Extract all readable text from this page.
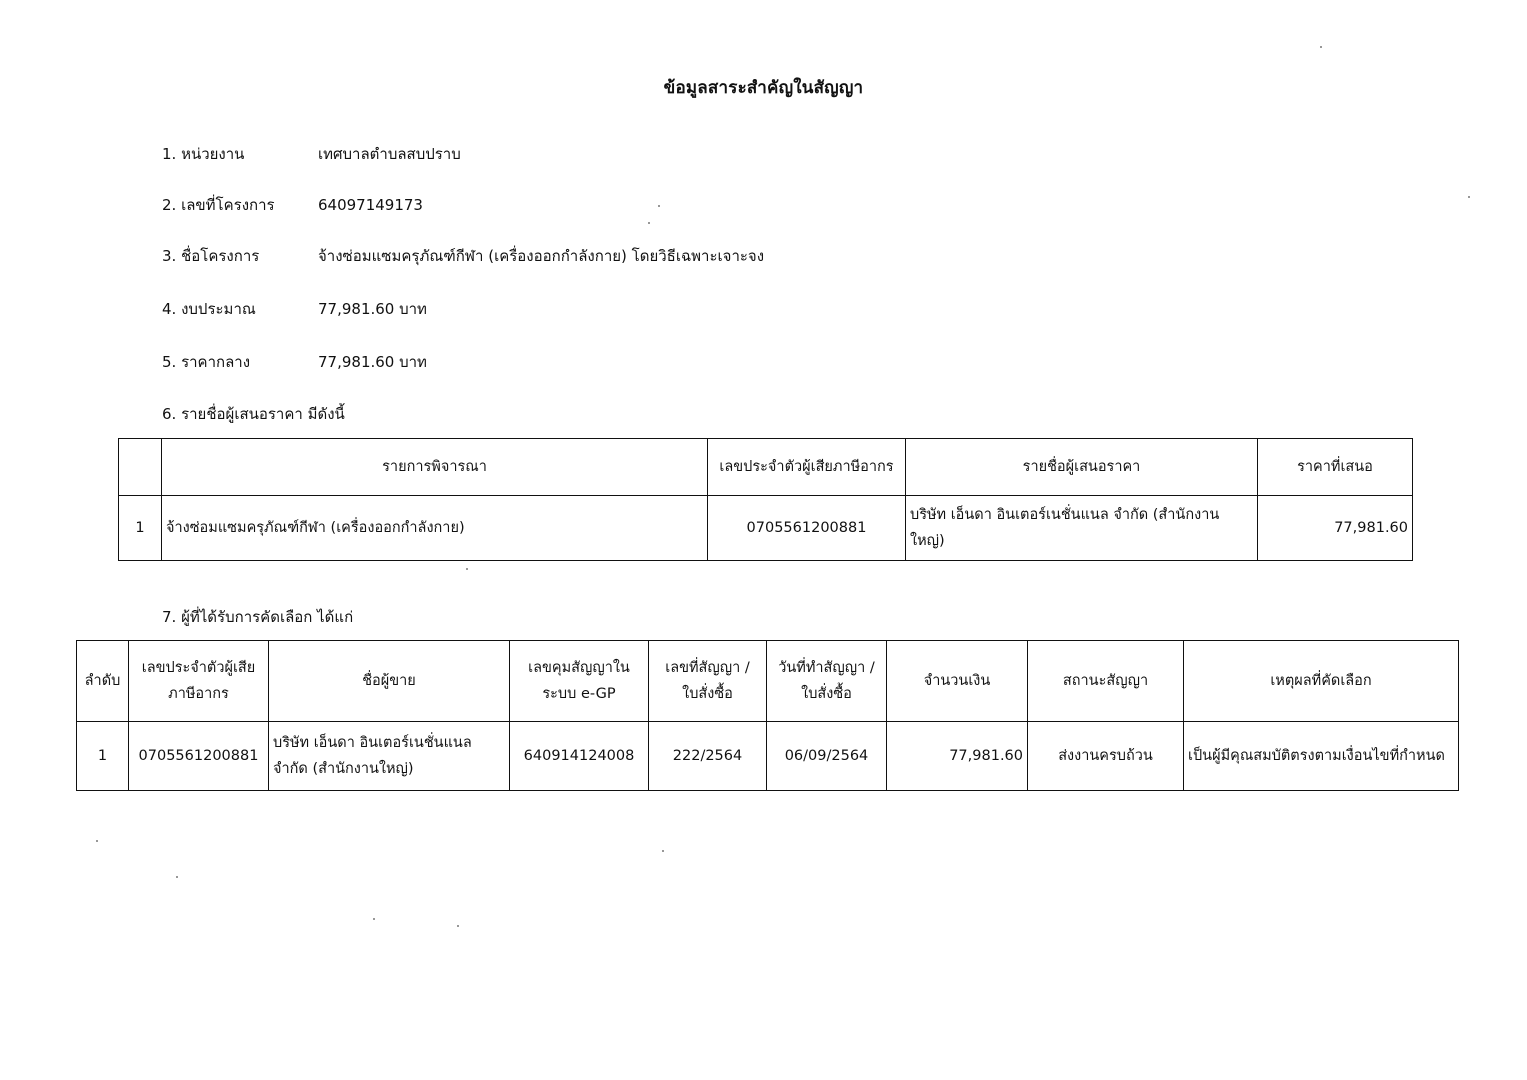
ข้อมูลสาระสำคัญในสัญญา
1. หน่วยงาน	เทศบาลตำบลสบปราบ
2. เลขที่โครงการ	64097149173
3. ชื่อโครงการ	จ้างซ่อมแซมครุภัณฑ์กีฬา (เครื่องออกกำลังกาย) โดยวิธีเฉพาะเจาะจง
4. งบประมาณ	77,981.60 บาท
5. ราคากลาง	77,981.60 บาท
6. รายชื่อผู้เสนอราคา มีดังนี้
	รายการพิจารณา	เลขประจำตัวผู้เสียภาษีอากร	รายชื่อผู้เสนอราคา	ราคาที่เสนอ
1	จ้างซ่อมแซมครุภัณฑ์กีฬา (เครื่องออกกำลังกาย)	0705561200881	บริษัท เอ็นดา อินเตอร์เนชั่นแนล จำกัด (สำนักงานใหญ่)	77,981.60
7. ผู้ที่ได้รับการคัดเลือก ได้แก่
ลำดับ	เลขประจำตัวผู้เสียภาษีอากร	ชื่อผู้ขาย	เลขคุมสัญญาในระบบ e-GP	เลขที่สัญญา / ใบสั่งซื้อ	วันที่ทำสัญญา / ใบสั่งซื้อ	จำนวนเงิน	สถานะสัญญา	เหตุผลที่คัดเลือก
1	0705561200881	บริษัท เอ็นดา อินเตอร์เนชั่นแนล จำกัด (สำนักงานใหญ่)	640914124008	222/2564	06/09/2564	77,981.60	ส่งงานครบถ้วน	เป็นผู้มีคุณสมบัติตรงตามเงื่อนไขที่กำหนด
